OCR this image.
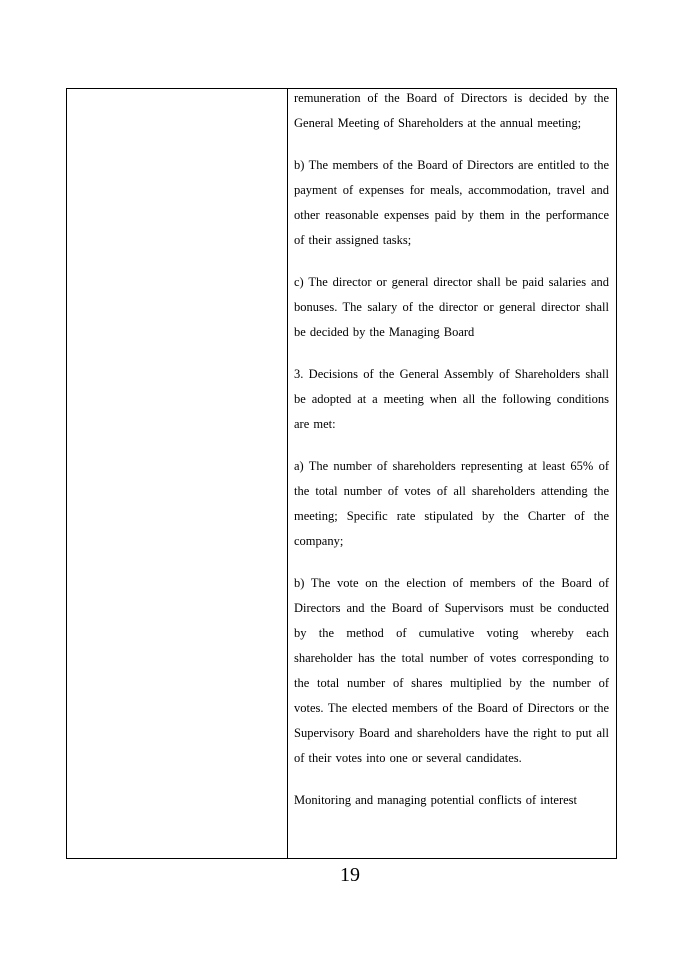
remuneration of the Board of Directors is decided by the General Meeting of Shareholders at the annual meeting;

b) The members of the Board of Directors are entitled to the payment of expenses for meals, accommodation, travel and other reasonable expenses paid by them in the performance of their assigned tasks;

c) The director or general director shall be paid salaries and bonuses. The salary of the director or general director shall be decided by the Managing Board

3. Decisions of the General Assembly of Shareholders shall be adopted at a meeting when all the following conditions are met:

a) The number of shareholders representing at least 65% of the total number of votes of all shareholders attending the meeting; Specific rate stipulated by the Charter of the company;

b) The vote on the election of members of the Board of Directors and the Board of Supervisors must be conducted by the method of cumulative voting whereby each shareholder has the total number of votes corresponding to the total number of shares multiplied by the number of votes. The elected members of the Board of Directors or the Supervisory Board and shareholders have the right to put all of their votes into one or several candidates.

Monitoring and managing potential conflicts of interest

19
